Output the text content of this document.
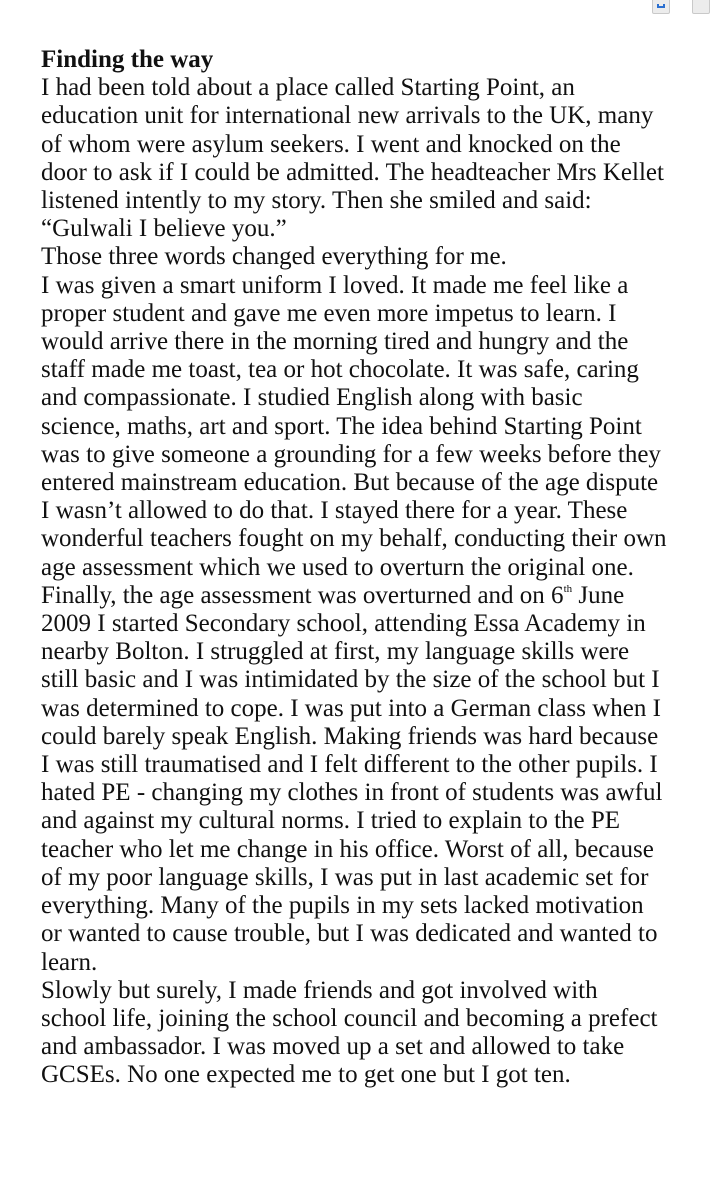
Finding the way
I had been told about a place called Starting Point, an
education unit for international new arrivals to the UK, many
of whom were asylum seekers. I went and knocked on the
door to ask if I could be admitted. The headteacher Mrs Kellet
listened intently to my story. Then she smiled and said:
“Gulwali I believe you.”
Those three words changed everything for me.
I was given a smart uniform I loved. It made me feel like a
proper student and gave me even more impetus to learn. I
would arrive there in the morning tired and hungry and the
staff made me toast, tea or hot chocolate. It was safe, caring
and compassionate. I studied English along with basic
science, maths, art and sport. The idea behind Starting Point
was to give someone a grounding for a few weeks before they
entered mainstream education. But because of the age dispute
I wasn’t allowed to do that. I stayed there for a year. These
wonderful teachers fought on my behalf, conducting their own
age assessment which we used to overturn the original one.
Finally, the age assessment was overturned and on 6th June
2009 I started Secondary school, attending Essa Academy in
nearby Bolton. I struggled at first, my language skills were
still basic and I was intimidated by the size of the school but I
was determined to cope. I was put into a German class when I
could barely speak English. Making friends was hard because
I was still traumatised and I felt different to the other pupils. I
hated PE - changing my clothes in front of students was awful
and against my cultural norms. I tried to explain to the PE
teacher who let me change in his office. Worst of all, because
of my poor language skills, I was put in last academic set for
everything. Many of the pupils in my sets lacked motivation
or wanted to cause trouble, but I was dedicated and wanted to
learn.
Slowly but surely, I made friends and got involved with
school life, joining the school council and becoming a prefect
and ambassador. I was moved up a set and allowed to take
GCSEs. No one expected me to get one but I got ten.
